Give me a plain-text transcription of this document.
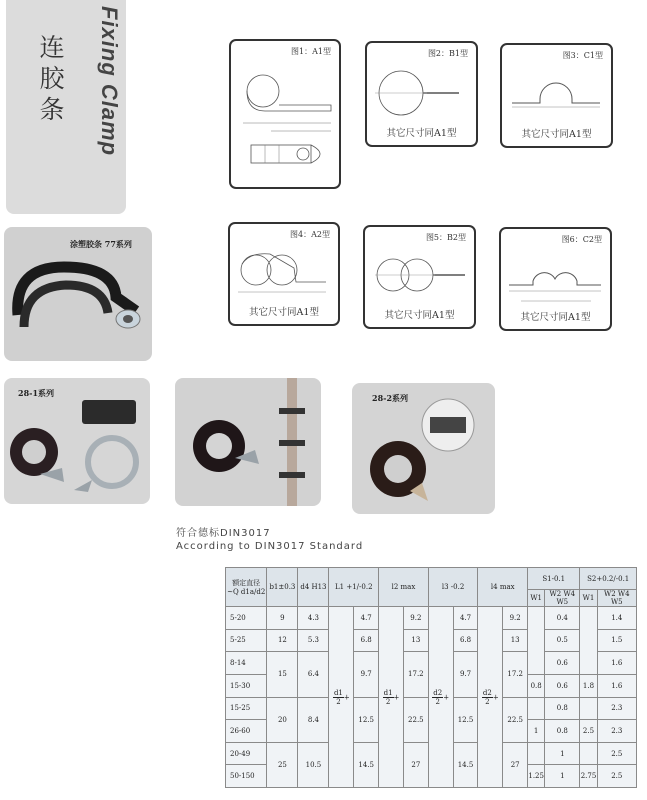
连胶条 Fixing Clamp	图1：A1型	图2：B1型
其它尺寸同A1型
图3：C1型
其它尺寸同A1型
图4：A2型
其它尺寸同A1型
图5：B2型
其它尺寸同A1型
图6：C2型
其它尺寸同A1型
涂塑胶条 77系列
28-1系列	28-2系列
符合德标DIN3017
According to DIN3017 Standard
额定直径
~Q d1a/d2	b1±0.3	d4 H13	L1 +1/-0.2		l2 max		l3 -0.2		l4 max		S1-0.1		S2+0.2/-0.1	
											W1	W2 W4 W5	W1	W2 W4 W5
5-20	9	4.3	$\frac{d1}{2}$ +	4.7	$\frac{d1}{2}$ +	9.2	$\frac{d2}{2}$ +	4.7	$\frac{d2}{2}$ +	9.2		0.4		1.4
5-25	12	5.3		6.8		13		6.8		13		0.5		1.5
8-14	15	6.4		9.7		17.2		9.7		17.2		0.6		1.6
15-30											0.8	0.6	1.8	1.6
15-25	20	8.4		12.5		22.5		12.5		22.5		0.8		2.3
26-60											1	0.8	2.5	2.3
20-49	25	10.5		14.5		27		14.5		27		1		2.5
50-150											1.25	1	2.75	2.5
